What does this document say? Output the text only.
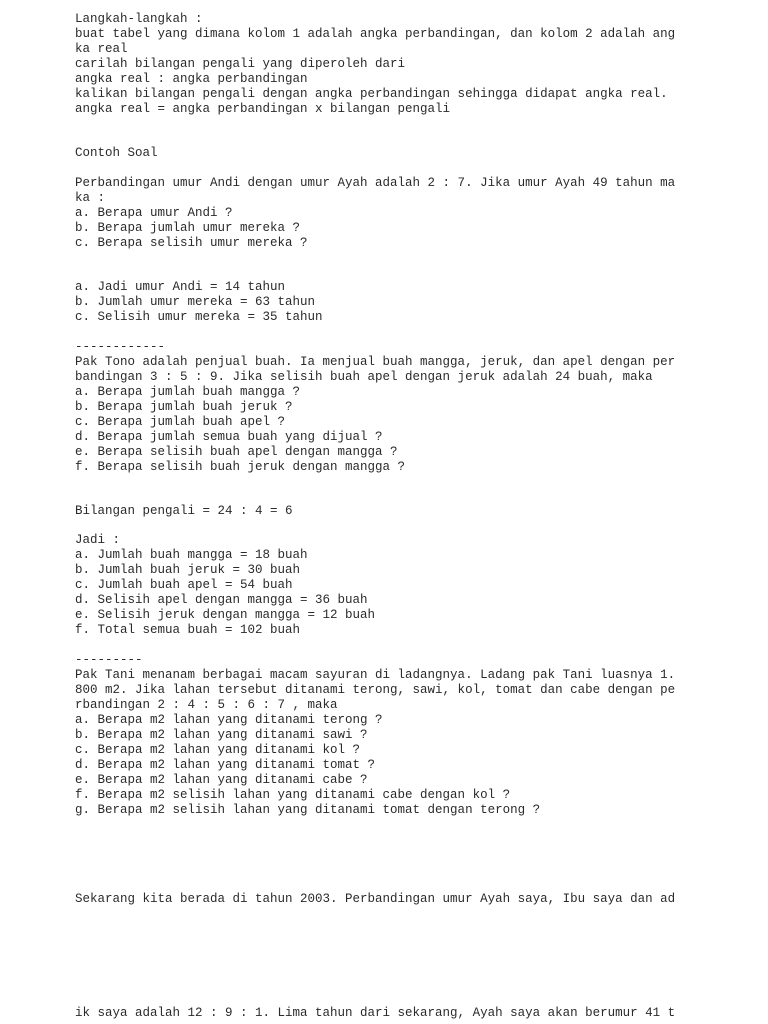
Langkah-langkah :

buat tabel yang dimana kolom 1 adalah angka perbandingan, dan kolom 2 adalah ang

ka real

carilah bilangan pengali yang diperoleh dari

angka real : angka perbandingan

kalikan bilangan pengali dengan angka perbandingan sehingga didapat angka real.

angka real = angka perbandingan x bilangan pengali

Contoh Soal

Perbandingan umur Andi dengan umur Ayah adalah 2 : 7. Jika umur Ayah 49 tahun ma

ka :

a. Berapa umur Andi ?

b. Berapa jumlah umur mereka ?

c. Berapa selisih umur mereka ?

a. Jadi umur Andi = 14 tahun

b. Jumlah umur mereka = 63 tahun

c. Selisih umur mereka = 35 tahun

------------

Pak Tono adalah penjual buah. Ia menjual buah mangga, jeruk, dan apel dengan per

bandingan 3 : 5 : 9. Jika selisih buah apel dengan jeruk adalah 24 buah, maka

a. Berapa jumlah buah mangga ?

b. Berapa jumlah buah jeruk ?

c. Berapa jumlah buah apel ?

d. Berapa jumlah semua buah yang dijual ?

e. Berapa selisih buah apel dengan mangga ?

f. Berapa selisih buah jeruk dengan mangga ?

Bilangan pengali = 24 : 4 = 6

Jadi :

a. Jumlah buah mangga = 18 buah

b. Jumlah buah jeruk = 30 buah

c. Jumlah buah apel = 54 buah

d. Selisih apel dengan mangga = 36 buah

e. Selisih jeruk dengan mangga = 12 buah

f. Total semua buah = 102 buah

---------

Pak Tani menanam berbagai macam sayuran di ladangnya. Ladang pak Tani luasnya 1.

800 m2. Jika lahan tersebut ditanami terong, sawi, kol, tomat dan cabe dengan pe

rbandingan 2 : 4 : 5 : 6 : 7 , maka

a. Berapa m2 lahan yang ditanami terong ?

b. Berapa m2 lahan yang ditanami sawi ?

c. Berapa m2 lahan yang ditanami kol ?

d. Berapa m2 lahan yang ditanami tomat ?

e. Berapa m2 lahan yang ditanami cabe ?

f. Berapa m2 selisih lahan yang ditanami cabe dengan kol ?

g. Berapa m2 selisih lahan yang ditanami tomat dengan terong ?

Sekarang kita berada di tahun 2003. Perbandingan umur Ayah saya, Ibu saya dan ad

ik saya adalah 12 : 9 : 1. Lima tahun dari sekarang, Ayah saya akan berumur 41 t
